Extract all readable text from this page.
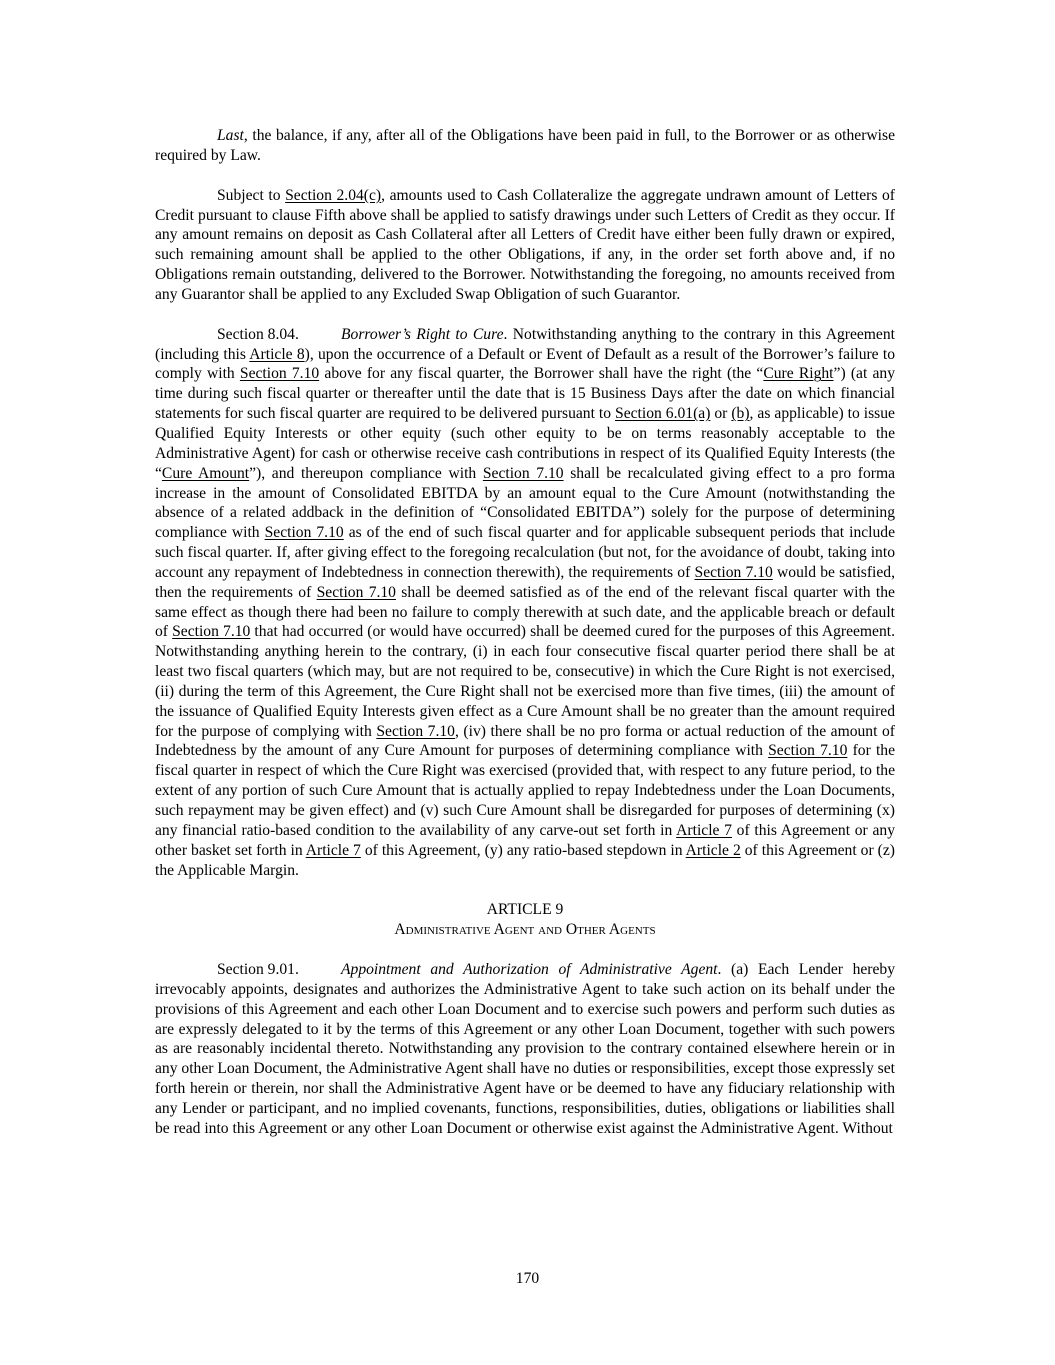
Last, the balance, if any, after all of the Obligations have been paid in full, to the Borrower or as otherwise required by Law.

Subject to Section 2.04(c), amounts used to Cash Collateralize the aggregate undrawn amount of Letters of Credit pursuant to clause Fifth above shall be applied to satisfy drawings under such Letters of Credit as they occur. If any amount remains on deposit as Cash Collateral after all Letters of Credit have either been fully drawn or expired, such remaining amount shall be applied to the other Obligations, if any, in the order set forth above and, if no Obligations remain outstanding, delivered to the Borrower. Notwithstanding the foregoing, no amounts received from any Guarantor shall be applied to any Excluded Swap Obligation of such Guarantor.

Section 8.04.	Borrower’s Right to Cure. Notwithstanding anything to the contrary in this Agreement (including this Article 8), upon the occurrence of a Default or Event of Default as a result of the Borrower’s failure to comply with Section 7.10 above for any fiscal quarter, the Borrower shall have the right (the “Cure Right”) (at any time during such fiscal quarter or thereafter until the date that is 15 Business Days after the date on which financial statements for such fiscal quarter are required to be delivered pursuant to Section 6.01(a) or (b), as applicable) to issue Qualified Equity Interests or other equity (such other equity to be on terms reasonably acceptable to the Administrative Agent) for cash or otherwise receive cash contributions in respect of its Qualified Equity Interests (the “Cure Amount”), and thereupon compliance with Section 7.10 shall be recalculated giving effect to a pro forma increase in the amount of Consolidated EBITDA by an amount equal to the Cure Amount (notwithstanding the absence of a related addback in the definition of “Consolidated EBITDA”) solely for the purpose of determining compliance with Section 7.10 as of the end of such fiscal quarter and for applicable subsequent periods that include such fiscal quarter. If, after giving effect to the foregoing recalculation (but not, for the avoidance of doubt, taking into account any repayment of Indebtedness in connection therewith), the requirements of Section 7.10 would be satisfied, then the requirements of Section 7.10 shall be deemed satisfied as of the end of the relevant fiscal quarter with the same effect as though there had been no failure to comply therewith at such date, and the applicable breach or default of Section 7.10 that had occurred (or would have occurred) shall be deemed cured for the purposes of this Agreement. Notwithstanding anything herein to the contrary, (i) in each four consecutive fiscal quarter period there shall be at least two fiscal quarters (which may, but are not required to be, consecutive) in which the Cure Right is not exercised, (ii) during the term of this Agreement, the Cure Right shall not be exercised more than five times, (iii) the amount of the issuance of Qualified Equity Interests given effect as a Cure Amount shall be no greater than the amount required for the purpose of complying with Section 7.10, (iv) there shall be no pro forma or actual reduction of the amount of Indebtedness by the amount of any Cure Amount for purposes of determining compliance with Section 7.10 for the fiscal quarter in respect of which the Cure Right was exercised (provided that, with respect to any future period, to the extent of any portion of such Cure Amount that is actually applied to repay Indebtedness under the Loan Documents, such repayment may be given effect) and (v) such Cure Amount shall be disregarded for purposes of determining (x) any financial ratio-based condition to the availability of any carve-out set forth in Article 7 of this Agreement or any other basket set forth in Article 7 of this Agreement, (y) any ratio-based stepdown in Article 2 of this Agreement or (z) the Applicable Margin.

ARTICLE 9

Administrative Agent and Other Agents

Section 9.01.	Appointment and Authorization of Administrative Agent. (a) Each Lender hereby irrevocably appoints, designates and authorizes the Administrative Agent to take such action on its behalf under the provisions of this Agreement and each other Loan Document and to exercise such powers and perform such duties as are expressly delegated to it by the terms of this Agreement or any other Loan Document, together with such powers as are reasonably incidental thereto. Notwithstanding any provision to the contrary contained elsewhere herein or in any other Loan Document, the Administrative Agent shall have no duties or responsibilities, except those expressly set forth herein or therein, nor shall the Administrative Agent have or be deemed to have any fiduciary relationship with any Lender or participant, and no implied covenants, functions, responsibilities, duties, obligations or liabilities shall be read into this Agreement or any other Loan Document or otherwise exist against the Administrative Agent. Without

170
